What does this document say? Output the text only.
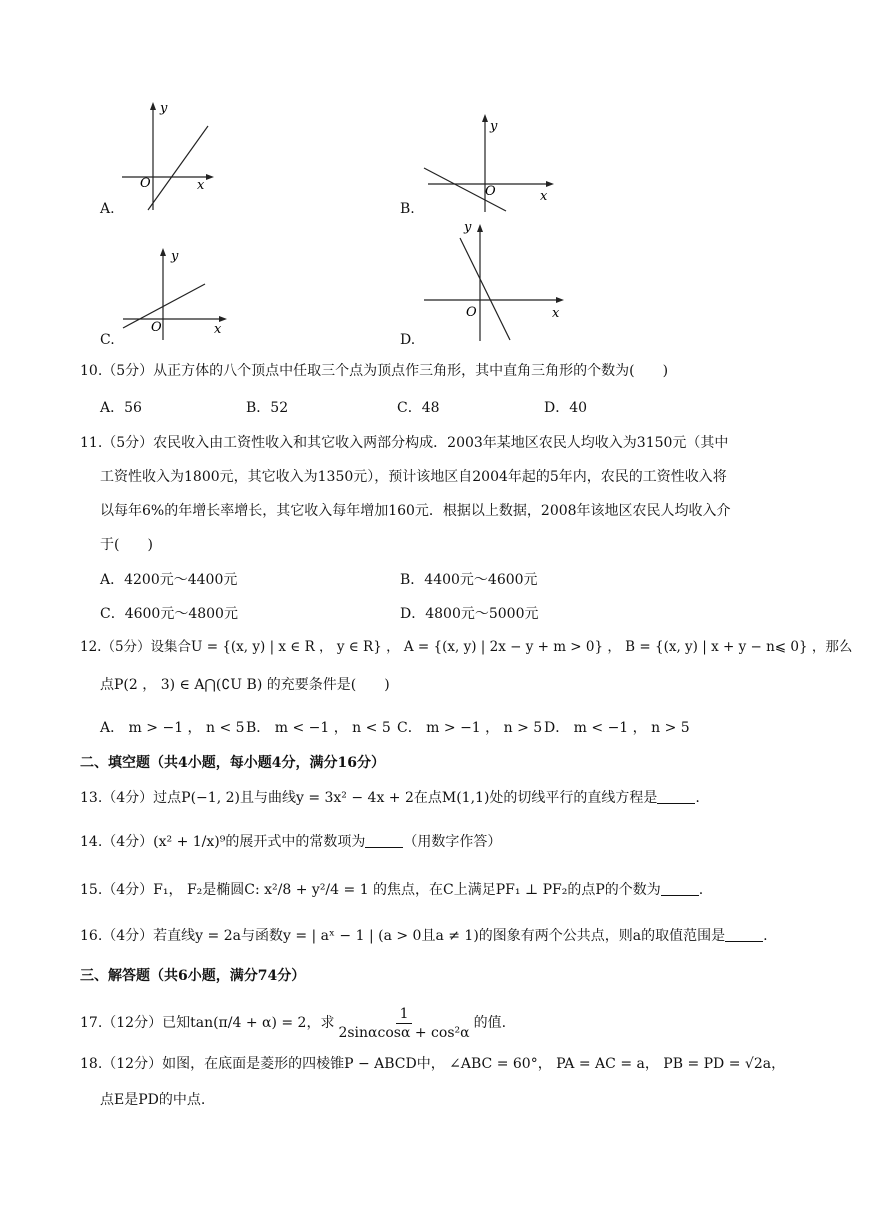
y
x
O
A.
y
x
O
B.
y
x
O
C.
y
x
O
D.
10.（5分）从正方体的八个顶点中任取三个点为顶点作三角形，其中直角三角形的个数为(　　)
A．56	B．52	C．48	D．40
11.（5分）农民收入由工资性收入和其它收入两部分构成．2003年某地区农民人均收入为3150元（其中
工资性收入为1800元，其它收入为1350元），预计该地区自2004年起的5年内，农民的工资性收入将
以每年6%的年增长率增长，其它收入每年增加160元．根据以上数据，2008年该地区农民人均收入介
于(　　)
A．4200元～4400元	B．4400元～4600元
C．4600元～4800元	D．4800元～5000元
12.（5分）设集合U = {(x, y) | x ∈ R ， y ∈ R} ， A = {(x, y) | 2x − y + m > 0} ， B = {(x, y) | x + y − n⩽ 0} ，那么
点P(2 ， 3) ∈ A⋂(∁U B) 的充要条件是(　　)
A． m > −1 ， n < 5 B． m < −1 ， n < 5 C． m > −1 ， n > 5 D． m < −1 ， n > 5
二、填空题（共4小题，每小题4分，满分16分）
13.（4分）过点P(−1, 2)且与曲线y = 3x² − 4x + 2在点M(1,1)处的切线平行的直线方程是	.
14.（4分）(x² + 1/x)⁹的展开式中的常数项为	（用数字作答）
15.（4分）F₁， F₂是椭圆C: x²/8 + y²/4 = 1 的焦点，在C上满足PF₁ ⊥ PF₂的点P的个数为	.
16.（4分）若直线y = 2a与函数y = | aˣ − 1 | (a > 0且a ≠ 1)的图象有两个公共点，则a的取值范围是	.
三、解答题（共6小题，满分74分）
17.（12分）已知 tan(π/4 + α) = 2 ，求 $\frac{1}{\text{2sinαcosα + cos²α}}$ 的值.
18.（12分）如图，在底面是菱形的四棱锥P − ABCD中， ∠ABC = 60°， PA = AC = a， PB = PD = √2a，
点E是PD的中点.
